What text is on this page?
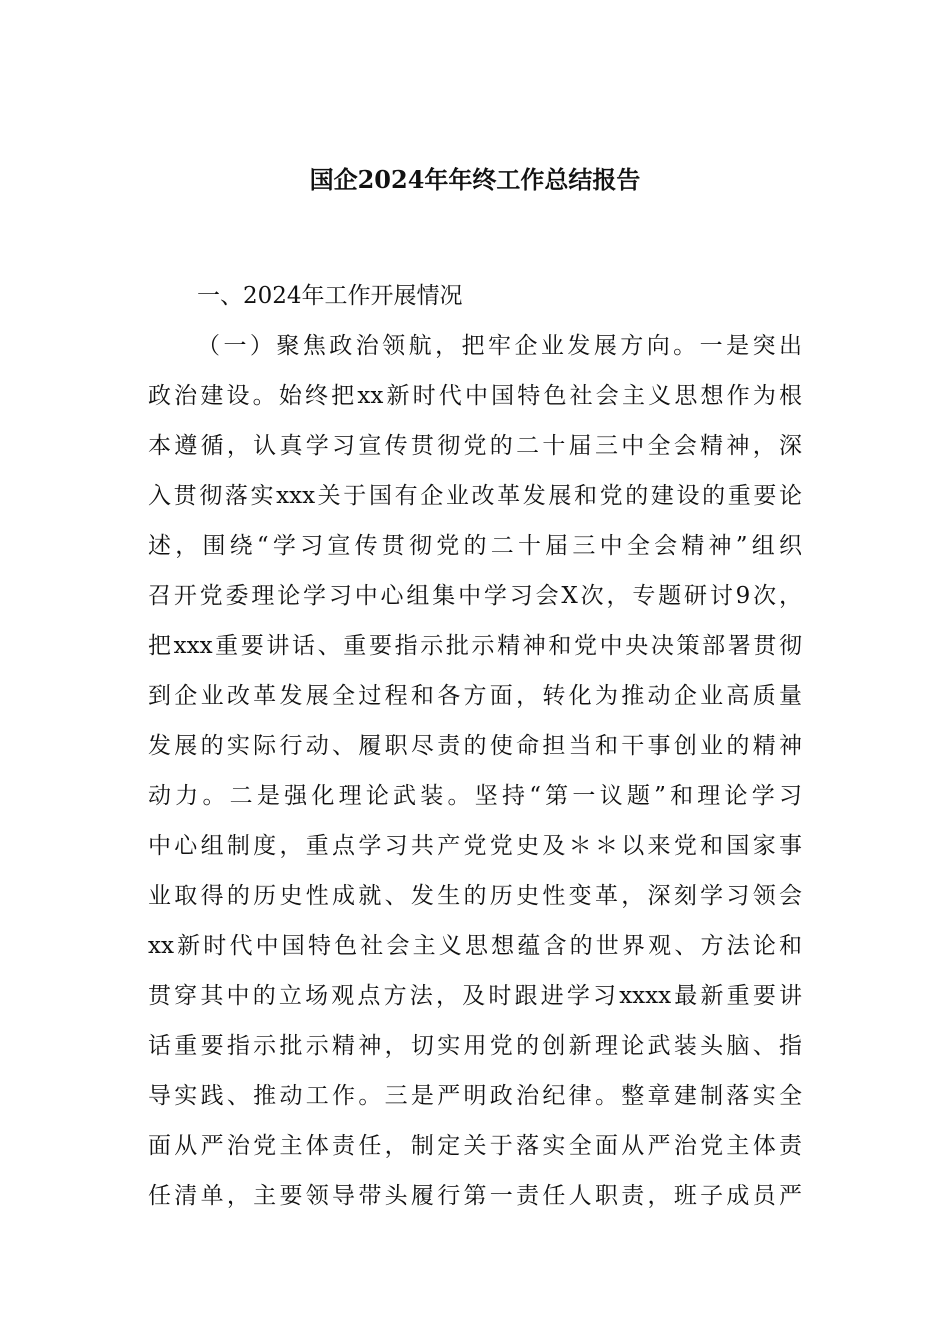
国企2024年年终工作总结报告

一、2024年工作开展情况

（一）聚焦政治领航，把牢企业发展方向。一是突出

政治建设。始终把xx新时代中国特色社会主义思想作为根

本遵循，认真学习宣传贯彻党的二十届三中全会精神，深

入贯彻落实xxx关于国有企业改革发展和党的建设的重要论

述，围绕“学习宣传贯彻党的二十届三中全会精神”组织

召开党委理论学习中心组集中学习会X次，专题研讨9次，

把xxx重要讲话、重要指示批示精神和党中央决策部署贯彻

到企业改革发展全过程和各方面，转化为推动企业高质量

发展的实际行动、履职尽责的使命担当和干事创业的精神

动力。二是强化理论武装。坚持“第一议题”和理论学习

中心组制度，重点学习共产党党史及＊＊以来党和国家事

业取得的历史性成就、发生的历史性变革，深刻学习领会

xx新时代中国特色社会主义思想蕴含的世界观、方法论和

贯穿其中的立场观点方法，及时跟进学习xxxx最新重要讲

话重要指示批示精神，切实用党的创新理论武装头脑、指

导实践、推动工作。三是严明政治纪律。整章建制落实全

面从严治党主体责任，制定关于落实全面从严治党主体责

任清单，主要领导带头履行第一责任人职责，班子成员严
